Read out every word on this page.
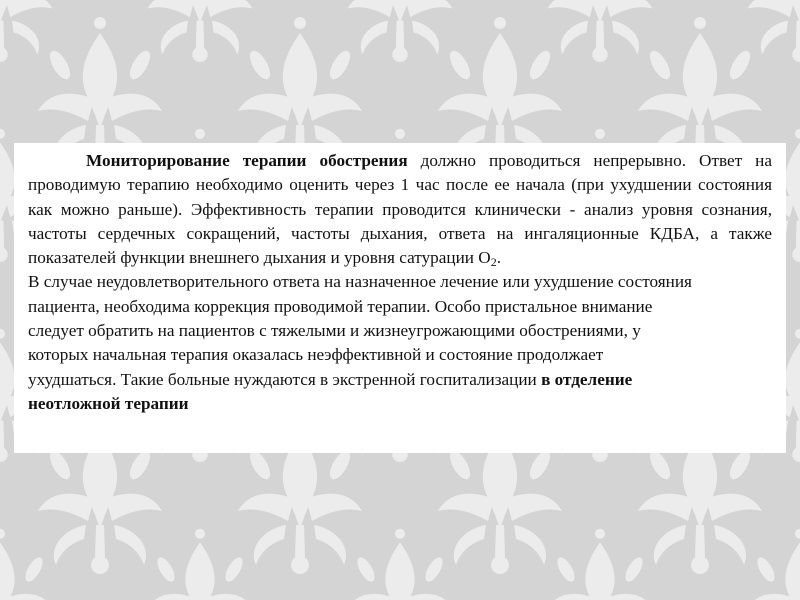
Мониторирование терапии обострения должно проводиться непрерывно. Ответ на проводимую терапию необходимо оценить через 1 час после ее начала (при ухудшении состояния как можно раньше). Эффективность терапии проводится клинически - анализ уровня сознания, частоты сердечных сокращений, частоты дыхания, ответа на ингаляционные КДБА, а также показателей функции внешнего дыхания и уровня сатурации $О_2$.

В случае неудовлетворительного ответа на назначенное лечение или ухудшение состояния
пациента, необходима коррекция проводимой терапии. Особо пристальное внимание
следует обратить на пациентов с тяжелыми и жизнеугрожающими обострениями, у
которых начальная терапия оказалась неэффективной и состояние продолжает
ухудшаться. Такие больные нуждаются в экстренной госпитализации в отделение
неотложной терапии
